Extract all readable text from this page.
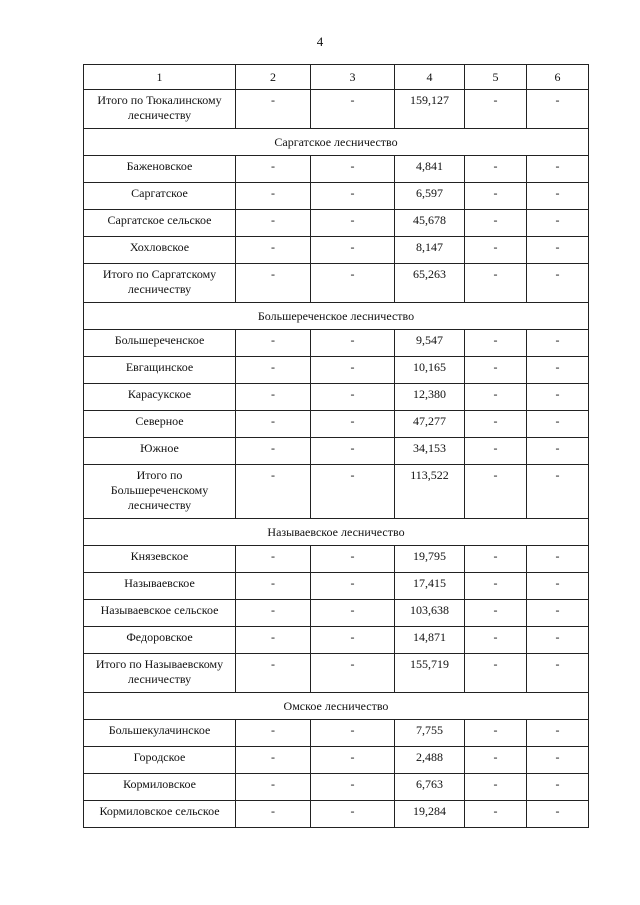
4
1	2	3	4	5	6
Итого по Тюкалинскому лесничеству	-	-	159,127	-	-
Саргатское лесничество					
Баженовское	-	-	4,841	-	-
Саргатское	-	-	6,597	-	-
Саргатское сельское	-	-	45,678	-	-
Хохловское	-	-	8,147	-	-
Итого по Саргатскому лесничеству	-	-	65,263	-	-
Большереченское лесничество					
Большереченское	-	-	9,547	-	-
Евгащинское	-	-	10,165	-	-
Карасукское	-	-	12,380	-	-
Северное	-	-	47,277	-	-
Южное	-	-	34,153	-	-
Итого по Большереченскому лесничеству	-	-	113,522	-	-
Называевское лесничество					
Князевское	-	-	19,795	-	-
Называевское	-	-	17,415	-	-
Называевское сельское	-	-	103,638	-	-
Федоровское	-	-	14,871	-	-
Итого по Называевскому лесничеству	-	-	155,719	-	-
Омское лесничество					
Большекулачинское	-	-	7,755	-	-
Городское	-	-	2,488	-	-
Кормиловское	-	-	6,763	-	-
Кормиловское сельское	-	-	19,284	-	-
